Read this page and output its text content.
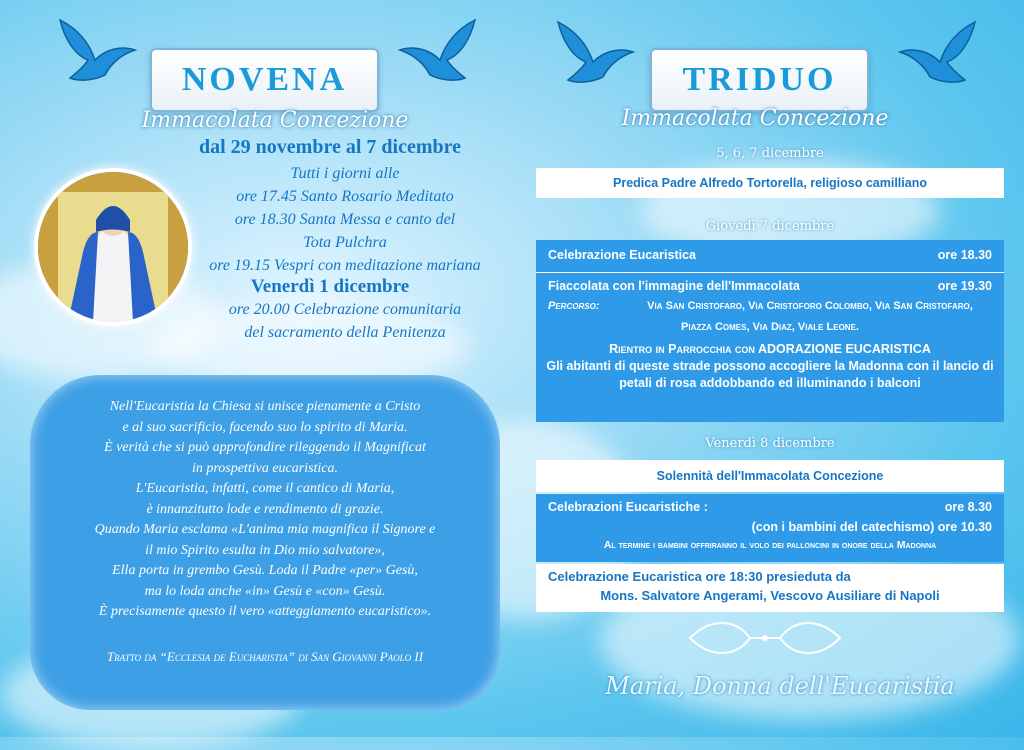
NOVENA
Immacolata Concezione
dal 29 novembre al 7 dicembre
Tutti i giorni alle
ore 17.45 Santo Rosario Meditato
ore 18.30 Santa Messa e canto del
Tota Pulchra
ore 19.15 Vespri con meditazione mariana
Venerdì 1 dicembre
ore 20.00 Celebrazione comunitaria
del sacramento della Penitenza
Nell'Eucaristia la Chiesa si unisce pienamente a Cristo
e al suo sacrificio, facendo suo lo spirito di Maria.
È verità che si può approfondire rileggendo il Magnificat
in prospettiva eucaristica.
L'Eucaristia, infatti, come il cantico di Maria,
è innanzitutto lode e rendimento di grazie.
Quando Maria esclama «L'anima mia magnifica il Signore e
il mio Spirito esulta in Dio mio salvatore»,
Ella porta in grembo Gesù. Loda il Padre «per» Gesù,
ma lo loda anche «in» Gesù e «con» Gesù.
È precisamente questo il vero «atteggiamento eucaristico».
Tratto da “Ecclesia de Eucharistia” di San Giovanni Paolo II
TRIDUO
Immacolata Concezione
5, 6, 7 dicembre
Predica Padre Alfredo Tortorella, religioso camilliano
Giovedì 7 dicembre
Celebrazione Eucaristica	ore 18.30
Fiaccolata con l'immagine dell'Immacolata	ore 19.30
Percorso:	Via San Cristofaro, Via Cristoforo Colombo, Via San Cristofaro,
Piazza Comes, Via Diaz, Viale Leone.
Rientro in Parrocchia con ADORAZIONE EUCARISTICA
Gli abitanti di queste strade possono accogliere la Madonna con il lancio di
petali di rosa addobbando ed illuminando i balconi
Venerdì 8 dicembre
Solennità dell'Immacolata Concezione
Celebrazioni Eucaristiche :	ore 8.30
(con i bambini del catechismo) ore 10.30
Al termine i bambini offriranno il volo dei palloncini in onore della Madonna
Celebrazione Eucaristica ore 18:30 presieduta da
Mons. Salvatore Angerami, Vescovo Ausiliare di Napoli
Maria, Donna dell'Eucaristia
